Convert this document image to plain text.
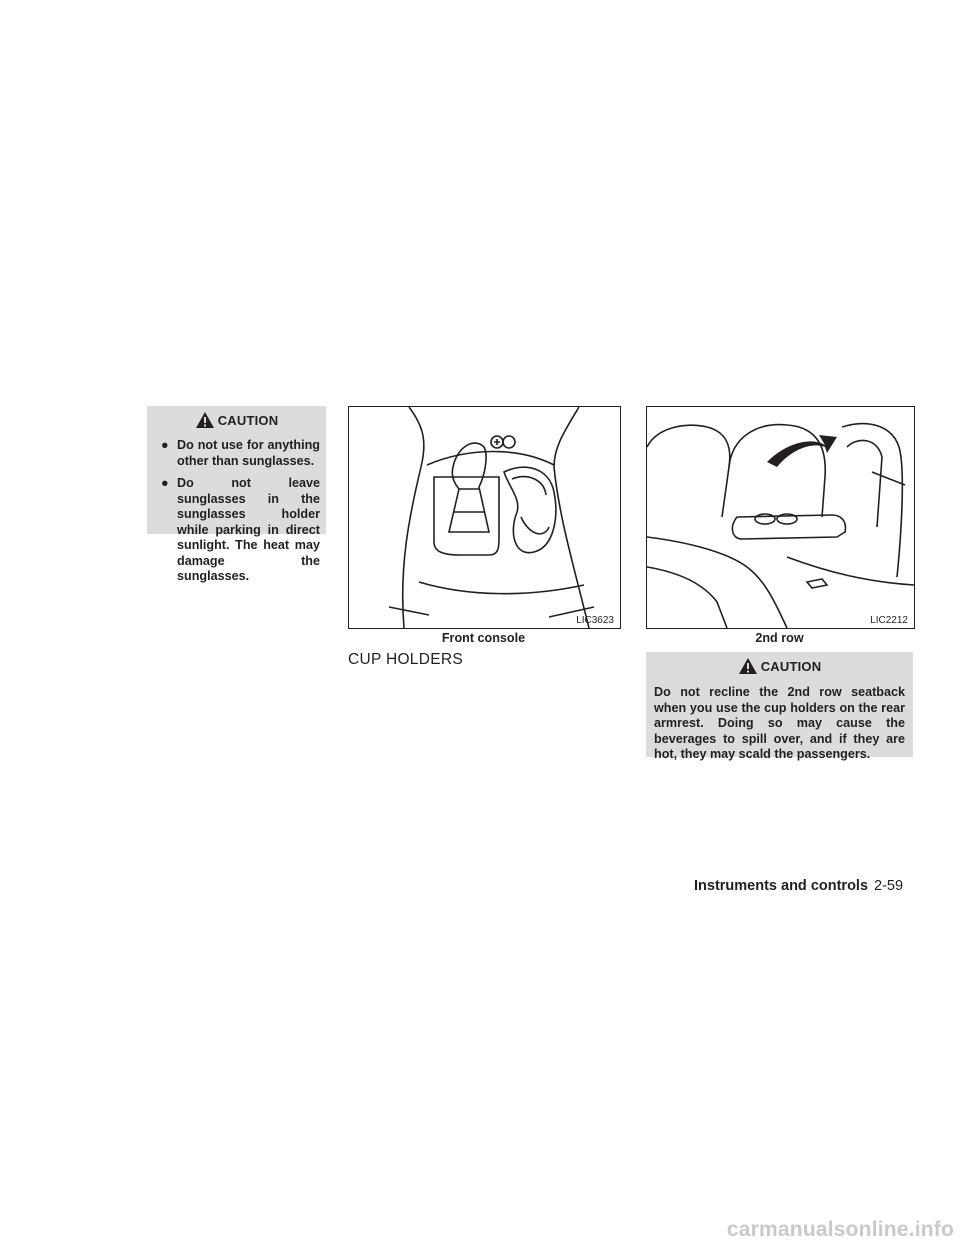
CAUTION
● Do not use for anything other than sunglasses.
● Do not leave sunglasses in the sunglasses holder while parking in direct sunlight. The heat may damage the sunglasses.
LIC3623
Front console
LIC2212
2nd row
CUP HOLDERS	CAUTION
Do not recline the 2nd row seatback when you use the cup holders on the rear armrest. Doing so may cause the beverages to spill over, and if they are hot, they may scald the passengers.
Instruments and controls 2-59
carmanualsonline.info
